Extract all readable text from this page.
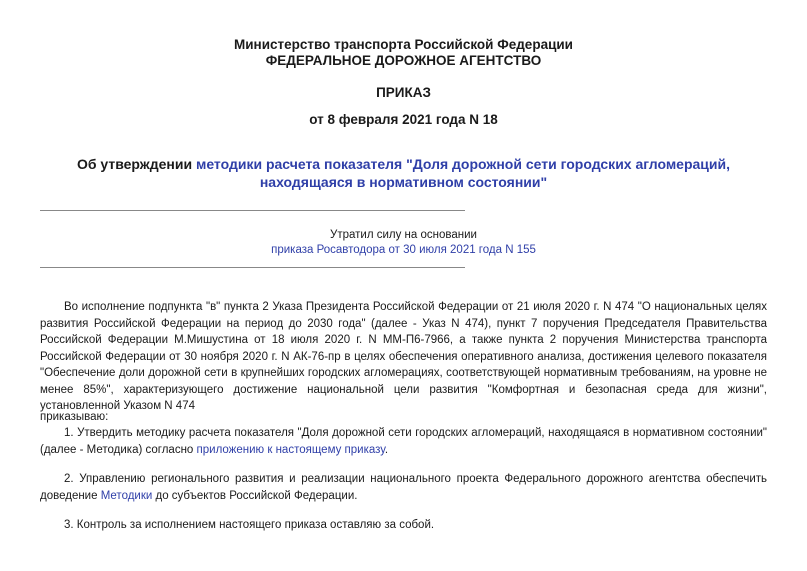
Министерство транспорта Российской Федерации
ФЕДЕРАЛЬНОЕ ДОРОЖНОЕ АГЕНТСТВО
ПРИКАЗ
от 8 февраля 2021 года N 18
Об утверждении методики расчета показателя "Доля дорожной сети городских агломераций, находящаяся в нормативном состоянии"
Утратил силу на основании
приказа Росавтодора от 30 июля 2021 года N 155
Во исполнение подпункта "в" пункта 2 Указа Президента Российской Федерации от 21 июля 2020 г. N 474 "О национальных целях развития Российской Федерации на период до 2030 года" (далее - Указ N 474), пункт 7 поручения Председателя Правительства Российской Федерации М.Мишустина от 18 июля 2020 г. N ММ-П6-7966, а также пункта 2 поручения Министерства транспорта Российской Федерации от 30 ноября 2020 г. N АК-76-пр в целях обеспечения оперативного анализа, достижения целевого показателя "Обеспечение доли дорожной сети в крупнейших городских агломерациях, соответствующей нормативным требованиям, на уровне не менее 85%", характеризующего достижение национальной цели развития "Комфортная и безопасная среда для жизни", установленной Указом N 474
приказываю:
1. Утвердить методику расчета показателя "Доля дорожной сети городских агломераций, находящаяся в нормативном состоянии" (далее - Методика) согласно приложению к настоящему приказу.
2. Управлению регионального развития и реализации национального проекта Федерального дорожного агентства обеспечить доведение Методики до субъектов Российской Федерации.
3. Контроль за исполнением настоящего приказа оставляю за собой.
